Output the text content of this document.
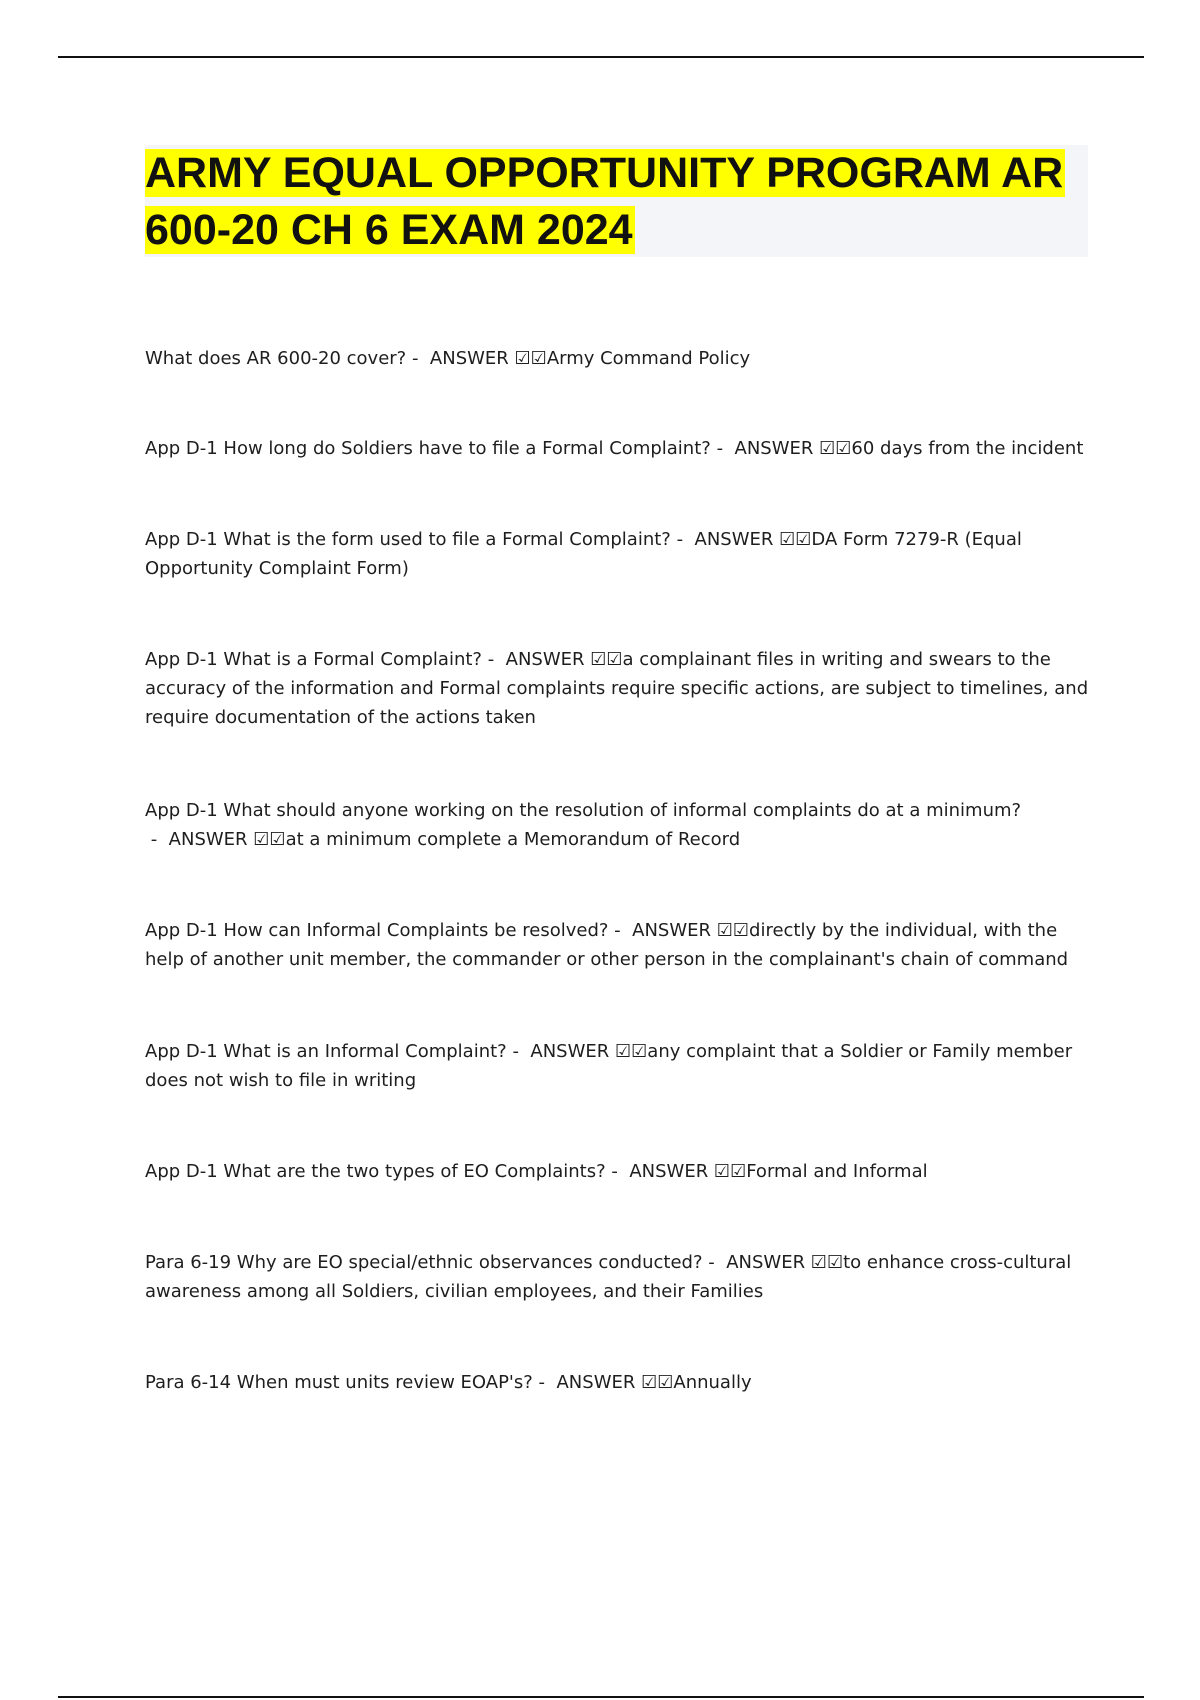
ARMY EQUAL OPPORTUNITY PROGRAM AR 600-20 CH 6 EXAM 2024

What does AR 600-20 cover? -  ANSWER ☑☑Army Command Policy

App D-1 How long do Soldiers have to file a Formal Complaint? -  ANSWER ☑☑60 days from the incident

App D-1 What is the form used to file a Formal Complaint? -  ANSWER ☑☑DA Form 7279-R (Equal Opportunity Complaint Form)

App D-1 What is a Formal Complaint? -  ANSWER ☑☑a complainant files in writing and swears to the accuracy of the information and Formal complaints require specific actions, are subject to timelines, and require documentation of the actions taken

App D-1 What should anyone working on the resolution of informal complaints do at a minimum? -  ANSWER ☑☑at a minimum complete a Memorandum of Record

App D-1 How can Informal Complaints be resolved? -  ANSWER ☑☑directly by the individual, with the help of another unit member, the commander or other person in the complainant's chain of command

App D-1 What is an Informal Complaint? -  ANSWER ☑☑any complaint that a Soldier or Family member does not wish to file in writing

App D-1 What are the two types of EO Complaints? -  ANSWER ☑☑Formal and Informal

Para 6-19 Why are EO special/ethnic observances conducted? -  ANSWER ☑☑to enhance cross-cultural awareness among all Soldiers, civilian employees, and their Families

Para 6-14 When must units review EOAP's? -  ANSWER ☑☑Annually
